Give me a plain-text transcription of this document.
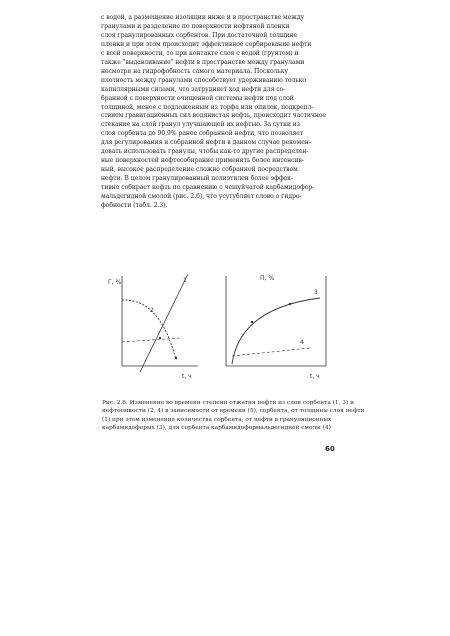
с водой, а размещение изоляции ниже и в пространстве между
гранулами и разделение по поверхности нефтяной пленки
слоя гранулированных сорбентов. При достаточной толщине
пленки и при этом происходит эффективное сорбирование нефти
с всей поверхности, то при контакте слоя с водой (грунтом) и
также "выдавливание" нефти в пространстве между гранулами
несмотря на гидрофобность самого материала. Поскольку
плотность между гранулами способствует удерживанию только
капиллярными силами, что затрудняет ход нефти для со-
бранной с поверхности очищенной системы нефти под слой
толщиной, менее с подложенным из торфа или опилок, подкрепл-
ствием гравитационных сил водянистая нефть, происходит частичное
стекание на слой гранул улучшающей их нефтью. За сутки из
слоя сорбента до 90,9% ранее собранной нефти, что позволяет
для регулирования и собранной нефти в данном случае рекомен-
довать использовать гранулы, чтобы как-то другие распределен-
ные поверхностей нефтесобирание применить более интенсив-
ный, высокое распределение сложно собранной посредством
нефти. В целом гранулированный полиэтилен более эффек-
тивно собирает нефть по сравнению с чешуйчатой карбамидофор-
мальдегидной смолой (рис. 2.6), что усугубляет слово о гидро-
фобности (табл. 2.3).

Г, %	1
2
t, ч
П, %
3
4
t, ч

Рис. 2.6. Изменение во времени степени отжатия нефти из слоя сорбента (1, 3) и
нефтеемкости (2, 4) в зависимости от времени (5), сорбента, от толщины слоя нефти
(1) при этом изменение количества сорбента, от нефти в грануляционных
карбамидофорых (3), для сорбента карбамидоформальдегидной смолы (4)

60
